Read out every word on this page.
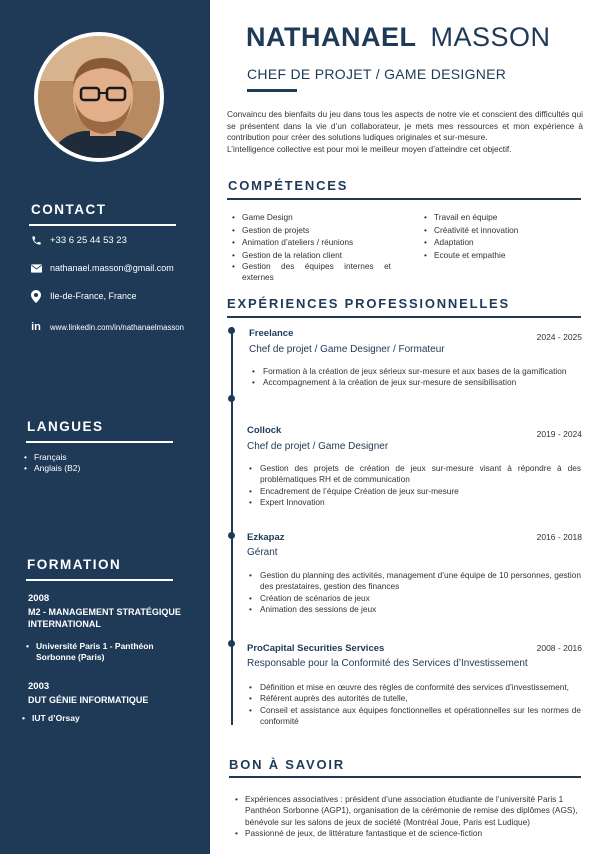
CONTACT
+33 6 25 44 53 23
nathanael.masson@gmail.com
Ile-de-France, France
in www.linkedin.com/in/nathanaelmasson
LANGUES
• Français
• Anglais (B2)
FORMATION
2008
M2 - MANAGEMENT STRATÉGIQUE
INTERNATIONAL
• Université Paris 1 - Panthéon
Sorbonne (Paris)
2003
DUT GÉNIE INFORMATIQUE
• IUT d’Orsay
NATHANAEL MASSON
CHEF DE PROJET / GAME DESIGNER
Convaincu des bienfaits du jeu dans tous les aspects de notre vie et conscient des difficultés qui se présentent dans la vie d’un collaborateur, je mets mes ressources et mon expérience à contribution pour créer des solutions ludiques originales et sur-mesure.
L’intelligence collective est pour moi le meilleur moyen d’atteindre cet objectif.
COMPÉTENCES
• Game Design
• Gestion de projets
• Animation d’ateliers / réunions
• Gestion de la relation client
• Gestion des équipes internes et externes
• Travail en équipe
• Créativité et innovation
• Adaptation
• Ecoute et empathie
EXPÉRIENCES PROFESSIONNELLES
Freelance	2024 - 2025
Chef de projet / Game Designer / Formateur
• Formation à la création de jeux sérieux sur-mesure et aux bases de la gamification
• Accompagnement à la création de jeux sur-mesure de sensibilisation
Collock	2019 - 2024
Chef de projet / Game Designer
• Gestion des projets de création de jeux sur-mesure visant à répondre à des problématiques RH et de communication
• Encadrement de l’équipe Création de jeux sur-mesure
• Expert Innovation
Ezkapaz	2016 - 2018
Gérant
• Gestion du planning des activités, management d’une équipe de 10 personnes, gestion des prestataires, gestion des finances
• Création de scénarios de jeux
• Animation des sessions de jeux
ProCapital Securities Services	2008 - 2016
Responsable pour la Conformité des Services d’Investissement
• Définition et mise en œuvre des règles de conformité des services d’investissement,
• Référent auprès des autorités de tutelle,
• Conseil et assistance aux équipes fonctionnelles et opérationnelles sur les normes de conformité
BON À SAVOIR
• Expériences associatives : président d’une association étudiante de l’université Paris 1 Panthéon Sorbonne (AGP1), organisation de la cérémonie de remise des diplômes (AGS), bénévole sur les salons de jeux de société (Montréal Joue, Paris est Ludique)
• Passionné de jeux, de littérature fantastique et de science-fiction
